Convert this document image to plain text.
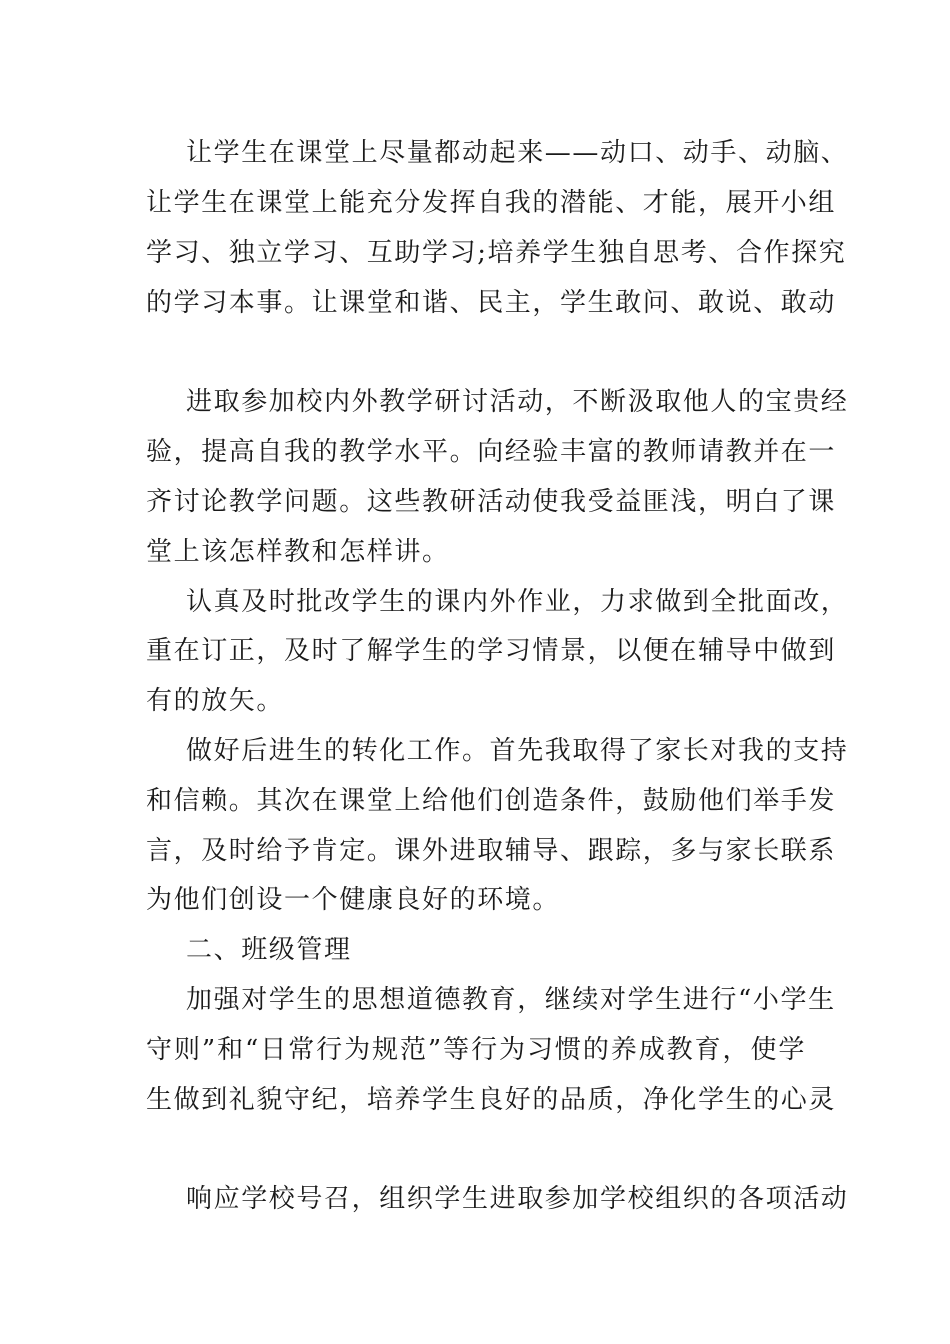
让学生在课堂上尽量都动起来——动口、动手、动脑、
让学生在课堂上能充分发挥自我的潜能、才能，展开小组
学习、独立学习、互助学习;培养学生独自思考、合作探究
的学习本事。让课堂和谐、民主，学生敢问、敢说、敢动
进取参加校内外教学研讨活动，不断汲取他人的宝贵经
验，提高自我的教学水平。向经验丰富的教师请教并在一
齐讨论教学问题。这些教研活动使我受益匪浅，明白了课
堂上该怎样教和怎样讲。
认真及时批改学生的课内外作业，力求做到全批面改，
重在订正，及时了解学生的学习情景，以便在辅导中做到
有的放矢。
做好后进生的转化工作。首先我取得了家长对我的支持
和信赖。其次在课堂上给他们创造条件，鼓励他们举手发
言，及时给予肯定。课外进取辅导、跟踪，多与家长联系
为他们创设一个健康良好的环境。
二、班级管理
加强对学生的思想道德教育，继续对学生进行“小学生
守则”和“日常行为规范”等行为习惯的养成教育，使学
生做到礼貌守纪，培养学生良好的品质，净化学生的心灵
响应学校号召，组织学生进取参加学校组织的各项活动
